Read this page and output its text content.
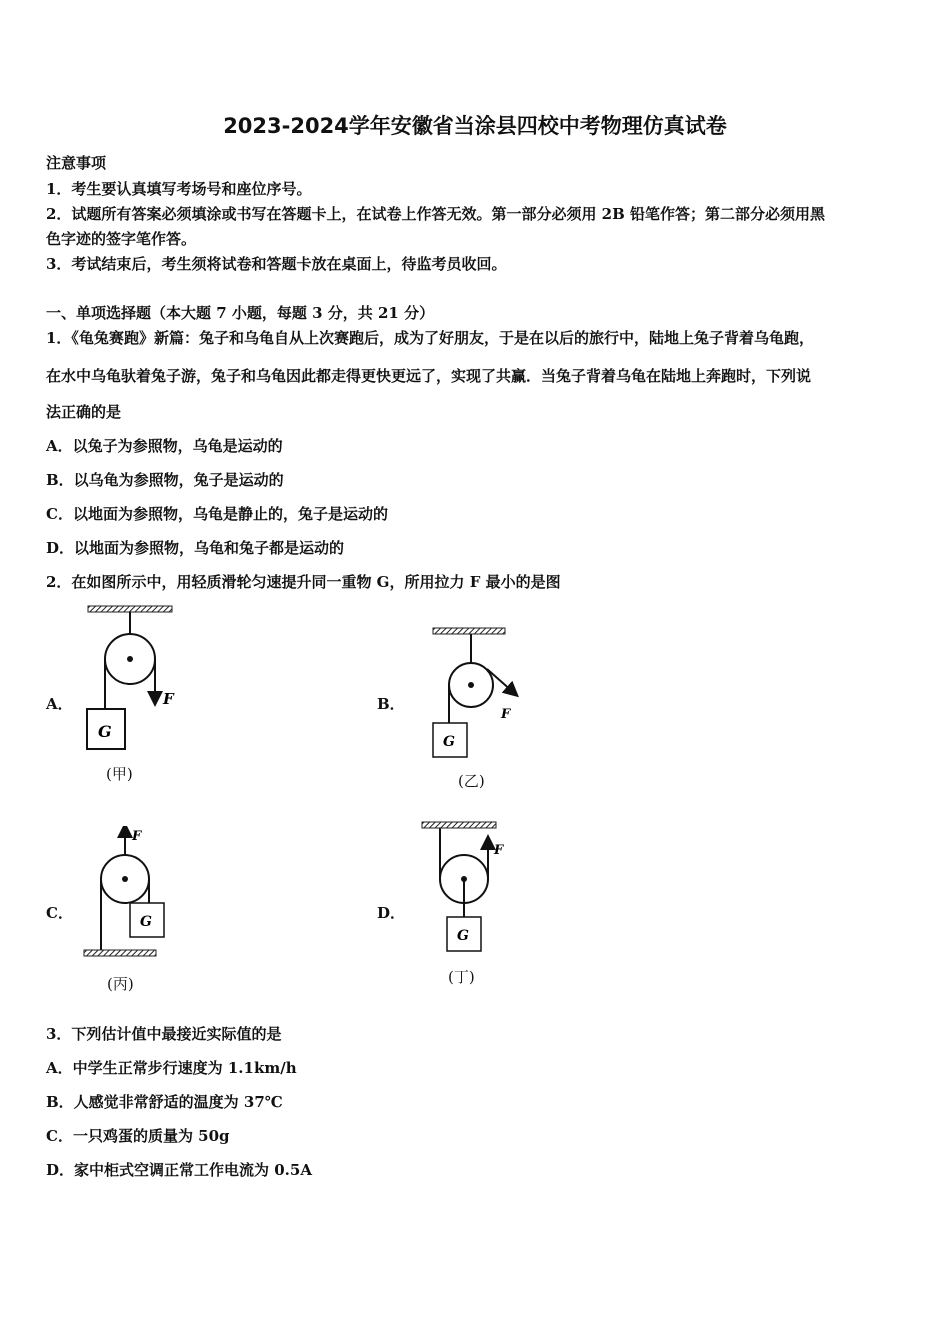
2023-2024学年安徽省当涂县四校中考物理仿真试卷
注意事项
1．考生要认真填写考场号和座位序号。
2．试题所有答案必须填涂或书写在答题卡上，在试卷上作答无效。第一部分必须用 2B 铅笔作答；第二部分必须用黑
色字迹的签字笔作答。
3．考试结束后，考生须将试卷和答题卡放在桌面上，待监考员收回。
一、单项选择题（本大题 7 小题，每题 3 分，共 21 分）
1．《龟兔赛跑》新篇：兔子和乌龟自从上次赛跑后，成为了好朋友，于是在以后的旅行中，陆地上兔子背着乌龟跑，
在水中乌龟驮着兔子游，兔子和乌龟因此都走得更快更远了，实现了共赢．当兔子背着乌龟在陆地上奔跑时，下列说
法正确的是
A．以兔子为参照物，乌龟是运动的
B．以乌龟为参照物，兔子是运动的
C．以地面为参照物，乌龟是静止的，兔子是运动的
D．以地面为参照物，乌龟和兔子都是运动的
2．在如图所示中，用轻质滑轮匀速提升同一重物 G，所用拉力 F 最小的是图
A．
G
F
(甲)
B．
G
F
(乙)
C．
F
G
(丙)
D．
F
G
(丁)
3．下列估计值中最接近实际值的是
A．中学生正常步行速度为 1.1km/h
B．人感觉非常舒适的温度为 37℃
C．一只鸡蛋的质量为 50g
D．家中柜式空调正常工作电流为 0.5A
